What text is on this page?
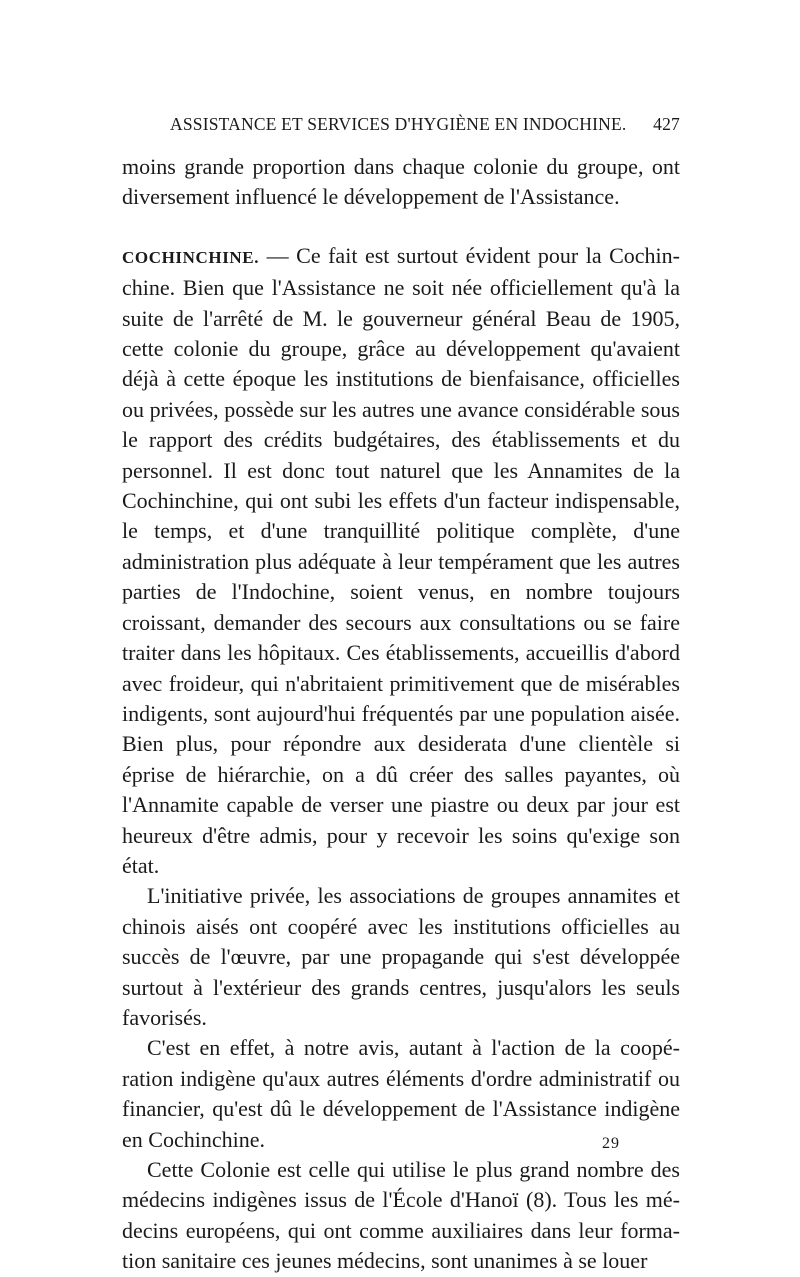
ASSISTANCE ET SERVICES D'HYGIÈNE EN INDOCHINE. 427

moins grande proportion dans chaque colonie du groupe, ont diversement influencé le développement de l'Assistance.

COCHINCHINE. — Ce fait est surtout évident pour la Cochinchine. Bien que l'Assistance ne soit née officiellement qu'à la suite de l'arrêté de M. le gouverneur général Beau de 1905, cette colonie du groupe, grâce au développement qu'avaient déjà à cette époque les institutions de bienfaisance, officielles ou privées, possède sur les autres une avance considérable sous le rapport des crédits budgétaires, des établissements et du personnel. Il est donc tout naturel que les Annamites de la Cochinchine, qui ont subi les effets d'un facteur indispensable, le temps, et d'une tranquillité politique complète, d'une administration plus adéquate à leur tempérament que les autres parties de l'Indochine, soient venus, en nombre toujours croissant, demander des secours aux consultations ou se faire traiter dans les hôpitaux. Ces établissements, accueillis d'abord avec froideur, qui n'abritaient primitivement que de misérables indigents, sont aujourd'hui fréquentés par une population aisée. Bien plus, pour répondre aux desiderata d'une clientèle si éprise de hiérarchie, on a dû créer des salles payantes, où l'Annamite capable de verser une piastre ou deux par jour est heureux d'être admis, pour y recevoir les soins qu'exige son état.

L'initiative privée, les associations de groupes annamites et chinois aisés ont coopéré avec les institutions officielles au succès de l'œuvre, par une propagande qui s'est développée surtout à l'extérieur des grands centres, jusqu'alors les seuls favorisés.

C'est en effet, à notre avis, autant à l'action de la coopération indigène qu'aux autres éléments d'ordre administratif ou financier, qu'est dû le développement de l'Assistance indigène en Cochinchine.

Cette Colonie est celle qui utilise le plus grand nombre des médecins indigènes issus de l'École d'Hanoï (8). Tous les médecins européens, qui ont comme auxiliaires dans leur formation sanitaire ces jeunes médecins, sont unanimes à se louer

29
